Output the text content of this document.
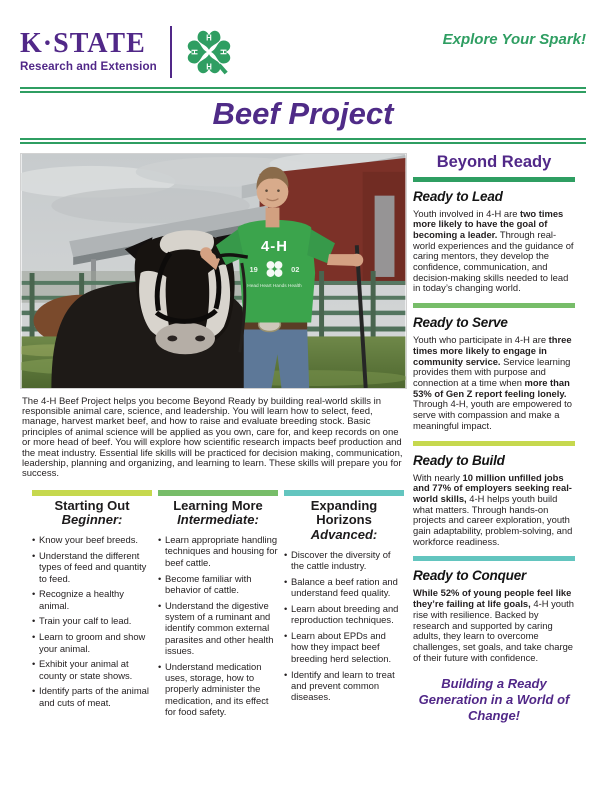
K·STATE
Research and Extension
H
H
H
H
Explore Your Spark!
Beef Project
4-H
19	02
Head Heart Hands Health

The 4-H Beef Project helps you become Beyond Ready by building real-world skills in responsible animal care, science, and leadership. You will learn how to select, feed, manage, harvest market beef, and how to raise and evaluate breeding stock. Basic principles of animal science will be applied as you own, care for, and keep records on one or more head of beef. You will explore how scientific research impacts beef production and the meat industry. Essential life skills will be practiced for decision making, communication, leadership, planning and organizing, and learning to learn. These skills will prepare you for success.

Starting Out
Beginner:
• Know your beef breeds.
• Understand the different types of feed and quantity to feed.
• Recognize a healthy animal.
• Train your calf to lead.
• Learn to groom and show your animal.
• Exhibit your animal at county or state shows.
• Identify parts of the animal and cuts of meat.
Learning More
Intermediate:
• Learn appropriate handling techniques and housing for beef cattle.
• Become familiar with behavior of cattle.
• Understand the digestive system of a ruminant and identify common external parasites and other health issues.
• Understand medication uses, storage, how to properly administer the medication, and its effect for food safety.
Expanding Horizons
Advanced:
• Discover the diversity of the cattle industry.
• Balance a beef ration and understand feed quality.
• Learn about breeding and reproduction techniques.
• Learn about EPDs and how they impact beef breeding herd selection.
• Identify and learn to treat and prevent common diseases.
Beyond Ready
Ready to Lead

Youth involved in 4-H are two times more likely to have the goal of becoming a leader. Through real-world experiences and the guidance of caring mentors, they develop the confidence, communication, and decision-making skills needed to lead in today’s changing world.

Ready to Serve

Youth who participate in 4-H are three times more likely to engage in community service. Service learning provides them with purpose and connection at a time when more than 53% of Gen Z report feeling lonely. Through 4-H, youth are empowered to serve with compassion and make a meaningful impact.

Ready to Build

With nearly 10 million unfilled jobs and 77% of employers seeking real-world skills, 4-H helps youth build what matters. Through hands-on projects and career exploration, youth gain adaptability, problem-solving, and workforce readiness.

Ready to Conquer

While 52% of young people feel like they’re failing at life goals, 4-H youth rise with resilience. Backed by research and supported by caring adults, they learn to overcome challenges, set goals, and take charge of their future with confidence.

Building a Ready Generation in a World of Change!
